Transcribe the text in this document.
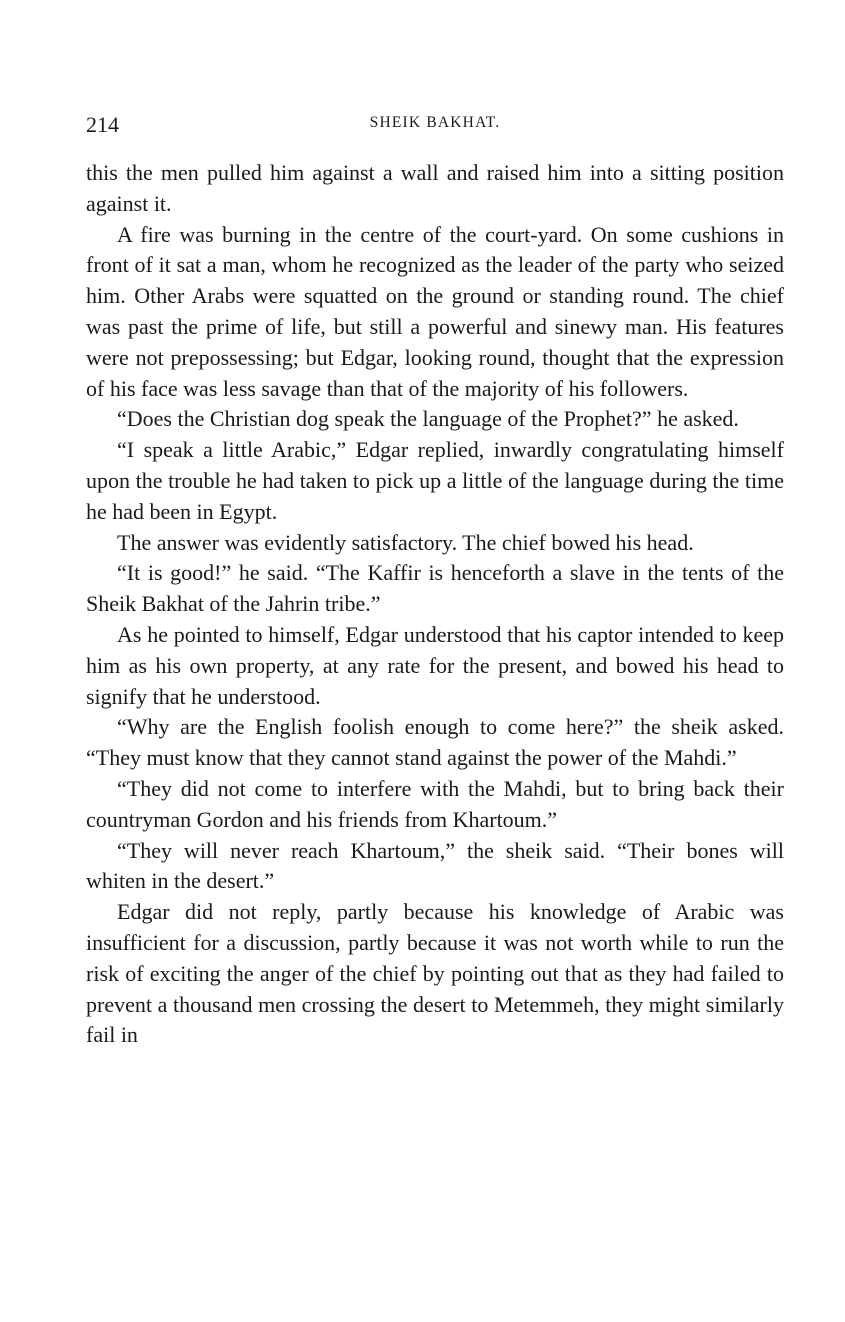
214	SHEIK BAKHAT.

this the men pulled him against a wall and raised him into a sitting position against it.

A fire was burning in the centre of the court-yard. On some cushions in front of it sat a man, whom he recognized as the leader of the party who seized him. Other Arabs were squatted on the ground or standing round. The chief was past the prime of life, but still a powerful and sinewy man. His features were not prepossessing; but Edgar, looking round, thought that the expression of his face was less savage than that of the majority of his followers.

“Does the Christian dog speak the language of the Prophet?” he asked.

“I speak a little Arabic,” Edgar replied, inwardly congratulating himself upon the trouble he had taken to pick up a little of the language during the time he had been in Egypt.

The answer was evidently satisfactory. The chief bowed his head.

“It is good!” he said. “The Kaffir is henceforth a slave in the tents of the Sheik Bakhat of the Jahrin tribe.”

As he pointed to himself, Edgar understood that his captor intended to keep him as his own property, at any rate for the present, and bowed his head to signify that he understood.

“Why are the English foolish enough to come here?” the sheik asked. “They must know that they cannot stand against the power of the Mahdi.”

“They did not come to interfere with the Mahdi, but to bring back their countryman Gordon and his friends from Khartoum.”

“They will never reach Khartoum,” the sheik said. “Their bones will whiten in the desert.”

Edgar did not reply, partly because his knowledge of Arabic was insufficient for a discussion, partly because it was not worth while to run the risk of exciting the anger of the chief by pointing out that as they had failed to prevent a thousand men crossing the desert to Metemmeh, they might similarly fail in
